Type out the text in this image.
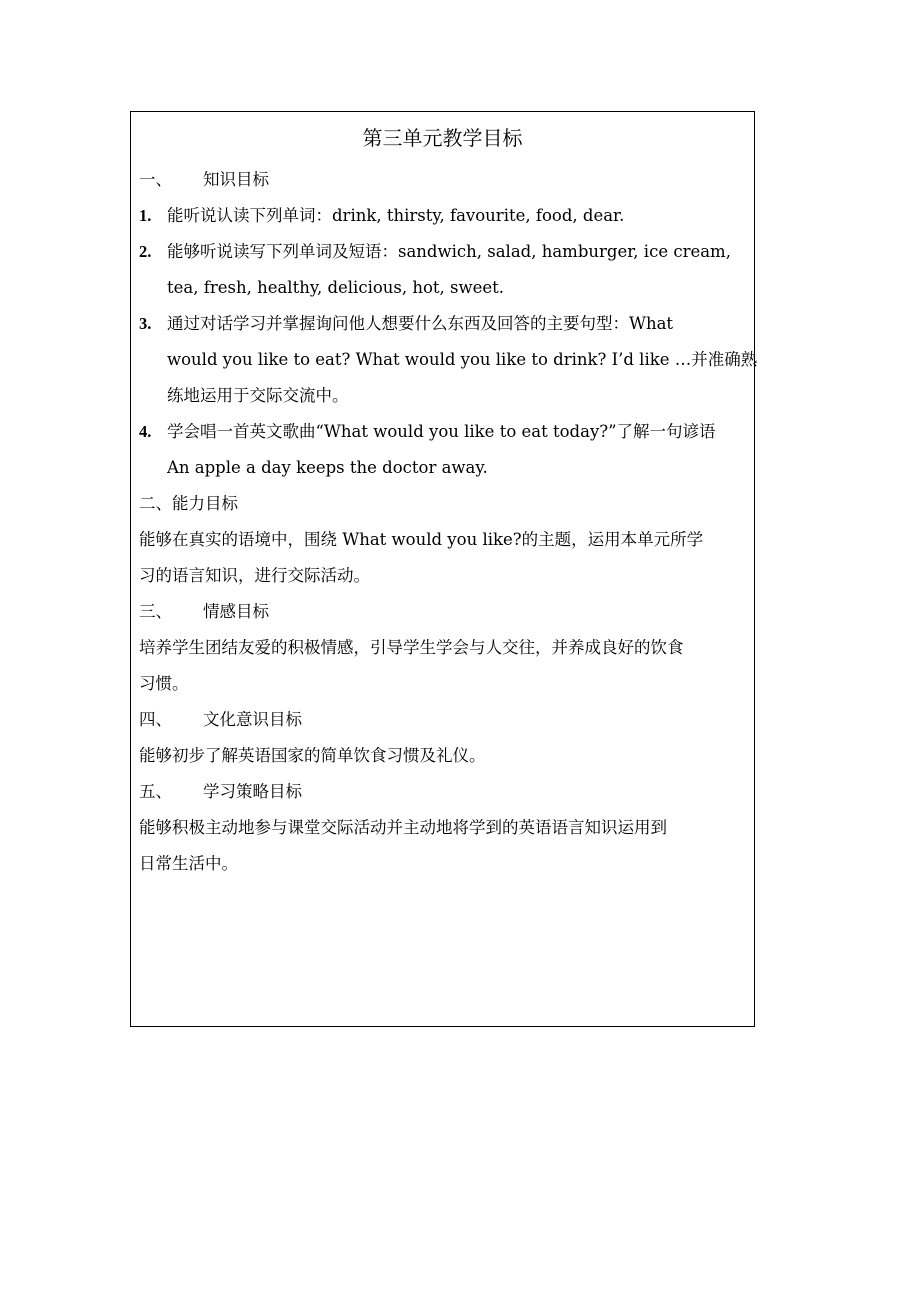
第三单元教学目标
一、 知识目标
1. 能听说认读下列单词：drink, thirsty, favourite, food, dear.
2. 能够听说读写下列单词及短语：sandwich, salad, hamburger, ice cream,
tea, fresh, healthy, delicious, hot, sweet.
3. 通过对话学习并掌握询问他人想要什么东西及回答的主要句型：What
would you like to eat? What would you like to drink? I’d like …并准确熟
练地运用于交际交流中。
4. 学会唱一首英文歌曲“What would you like to eat today?”了解一句谚语
An apple a day keeps the doctor away.
二、能力目标
能够在真实的语境中，围绕 What would you like?的主题，运用本单元所学
习的语言知识，进行交际活动。
三、 情感目标
培养学生团结友爱的积极情感，引导学生学会与人交往，并养成良好的饮食
习惯。
四、 文化意识目标
能够初步了解英语国家的简单饮食习惯及礼仪。
五、 学习策略目标
能够积极主动地参与课堂交际活动并主动地将学到的英语语言知识运用到
日常生活中。
